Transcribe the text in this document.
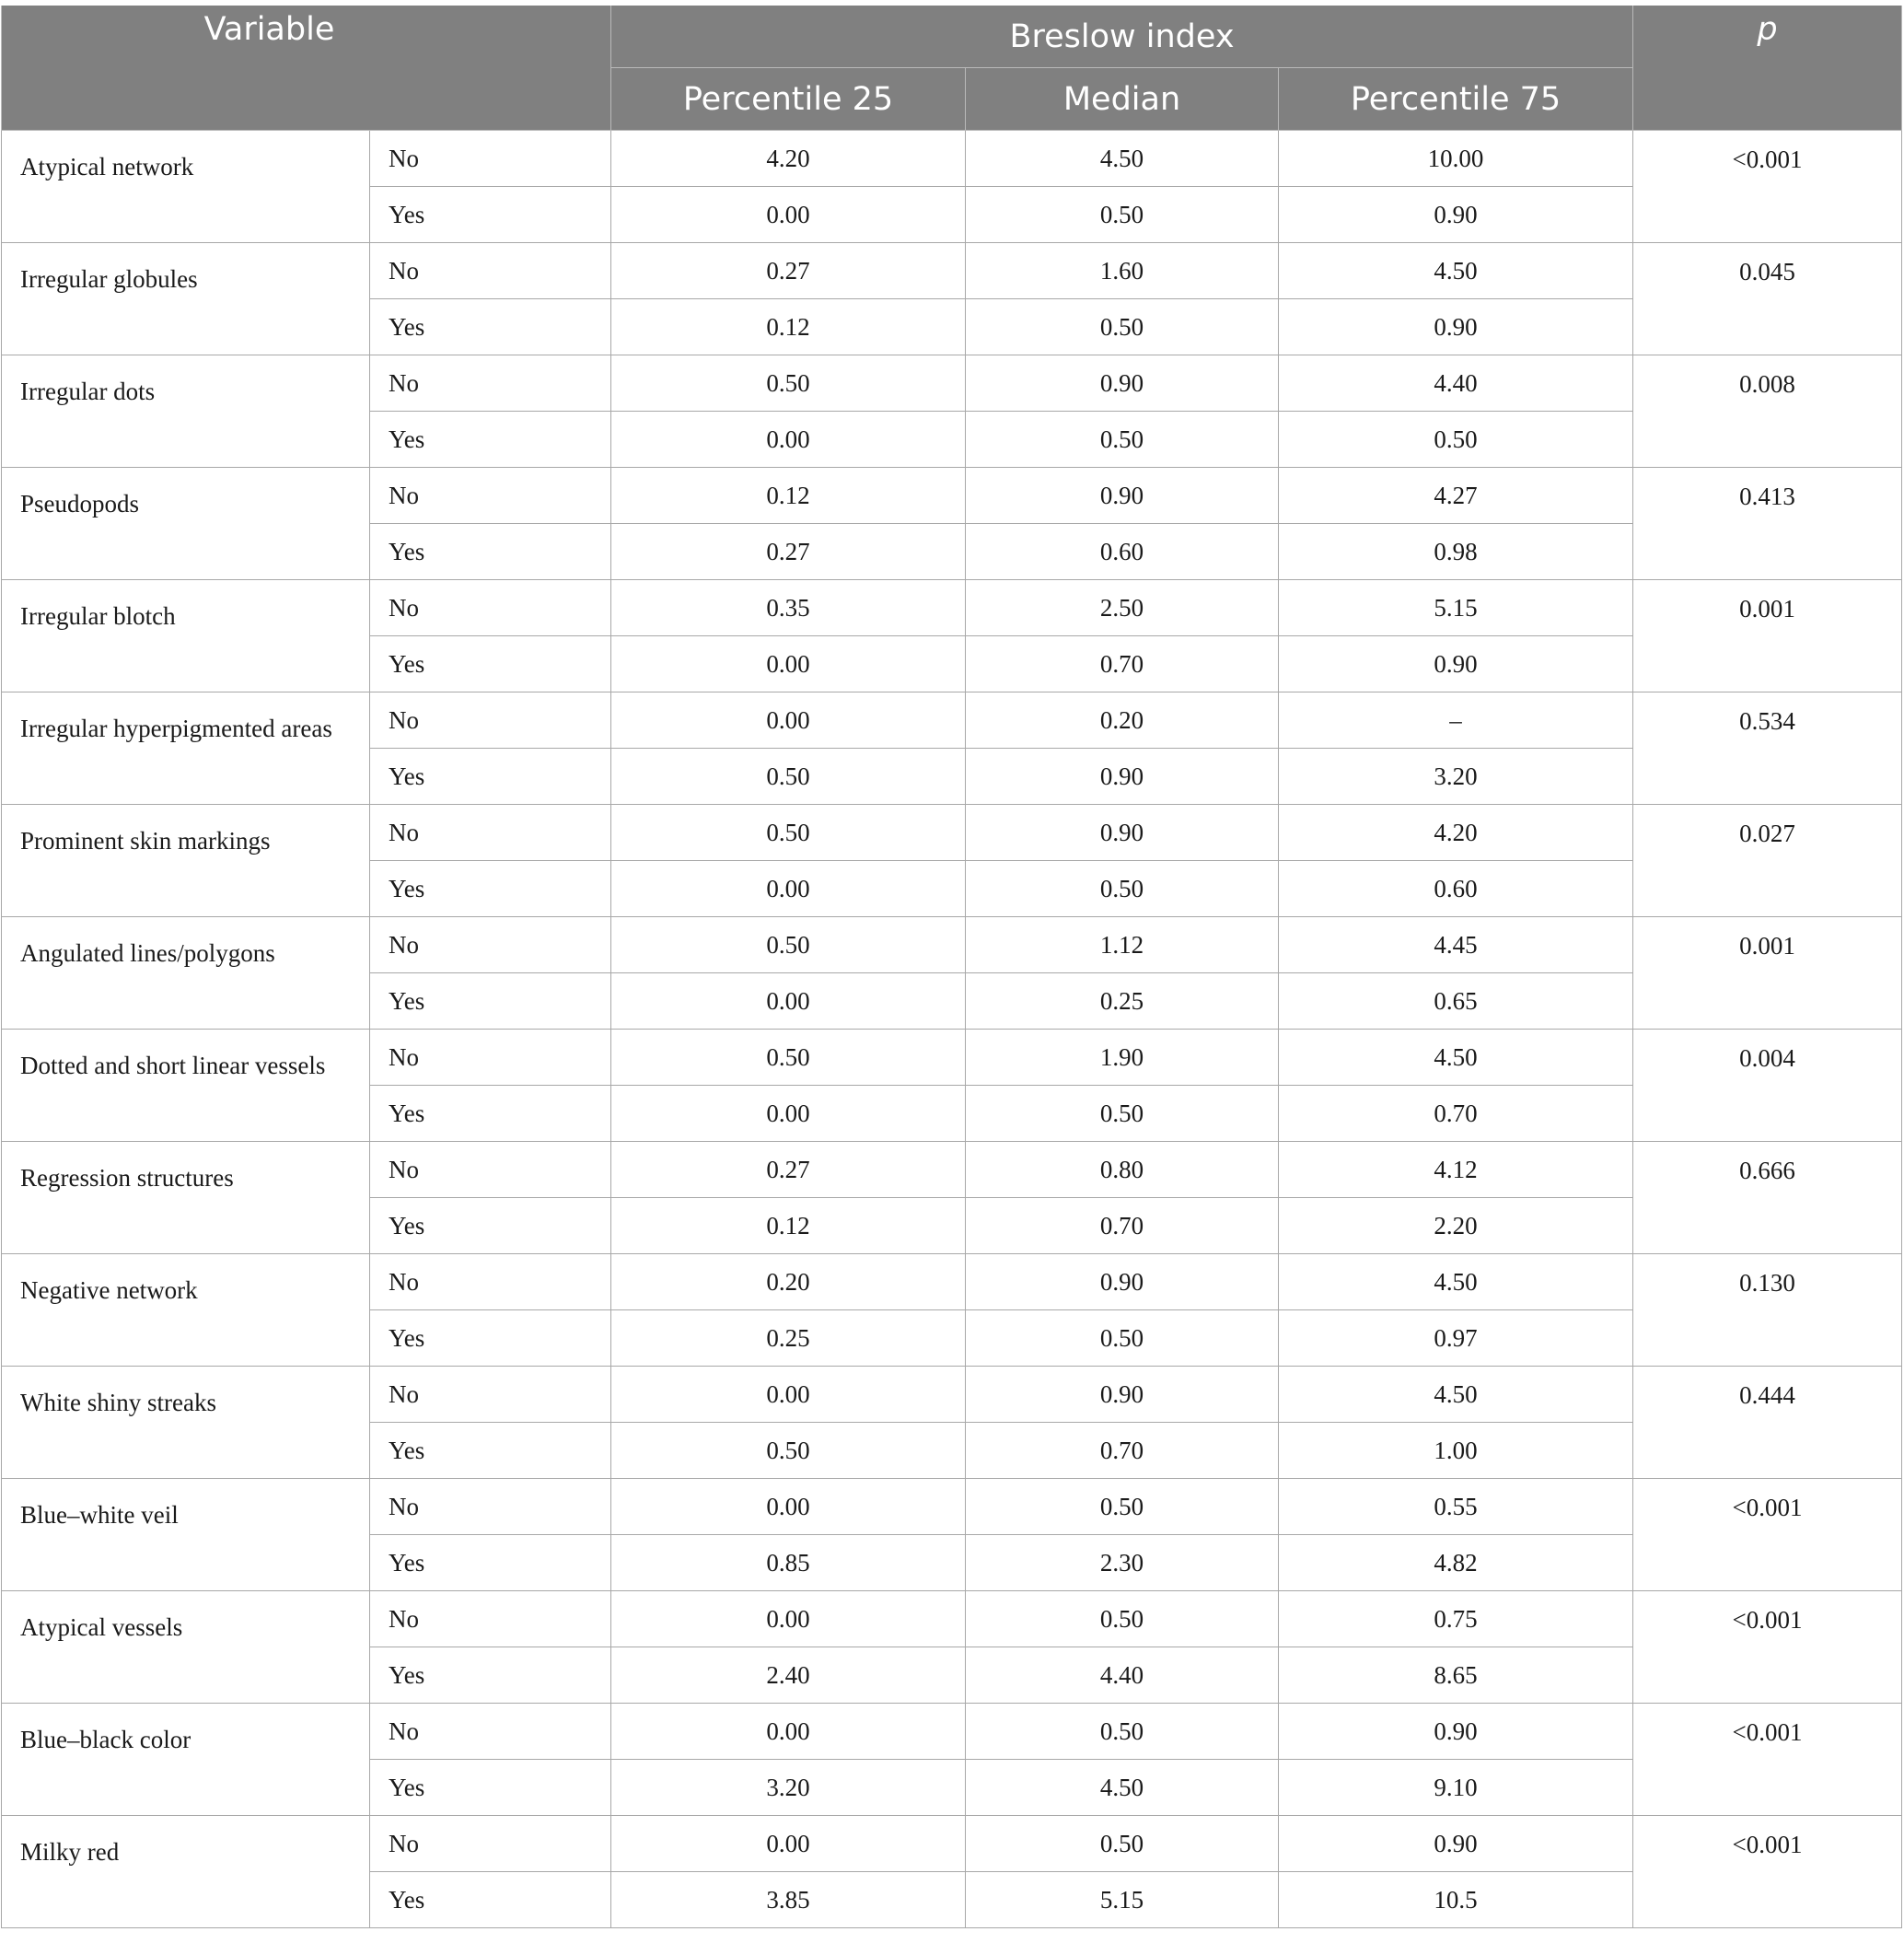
Variable		Breslow index			p
		Percentile 25	Median	Percentile 75	
Atypical network	No	4.20	4.50	10.00	<0.001
	Yes	0.00	0.50	0.90	
Irregular globules	No	0.27	1.60	4.50	0.045
	Yes	0.12	0.50	0.90	
Irregular dots	No	0.50	0.90	4.40	0.008
	Yes	0.00	0.50	0.50	
Pseudopods	No	0.12	0.90	4.27	0.413
	Yes	0.27	0.60	0.98	
Irregular blotch	No	0.35	2.50	5.15	0.001
	Yes	0.00	0.70	0.90	
Irregular hyperpigmented areas	No	0.00	0.20	–	0.534
	Yes	0.50	0.90	3.20	
Prominent skin markings	No	0.50	0.90	4.20	0.027
	Yes	0.00	0.50	0.60	
Angulated lines/polygons	No	0.50	1.12	4.45	0.001
	Yes	0.00	0.25	0.65	
Dotted and short linear vessels	No	0.50	1.90	4.50	0.004
	Yes	0.00	0.50	0.70	
Regression structures	No	0.27	0.80	4.12	0.666
	Yes	0.12	0.70	2.20	
Negative network	No	0.20	0.90	4.50	0.130
	Yes	0.25	0.50	0.97	
White shiny streaks	No	0.00	0.90	4.50	0.444
	Yes	0.50	0.70	1.00	
Blue–white veil	No	0.00	0.50	0.55	<0.001
	Yes	0.85	2.30	4.82	
Atypical vessels	No	0.00	0.50	0.75	<0.001
	Yes	2.40	4.40	8.65	
Blue–black color	No	0.00	0.50	0.90	<0.001
	Yes	3.20	4.50	9.10	
Milky red	No	0.00	0.50	0.90	<0.001
	Yes	3.85	5.15	10.5	
